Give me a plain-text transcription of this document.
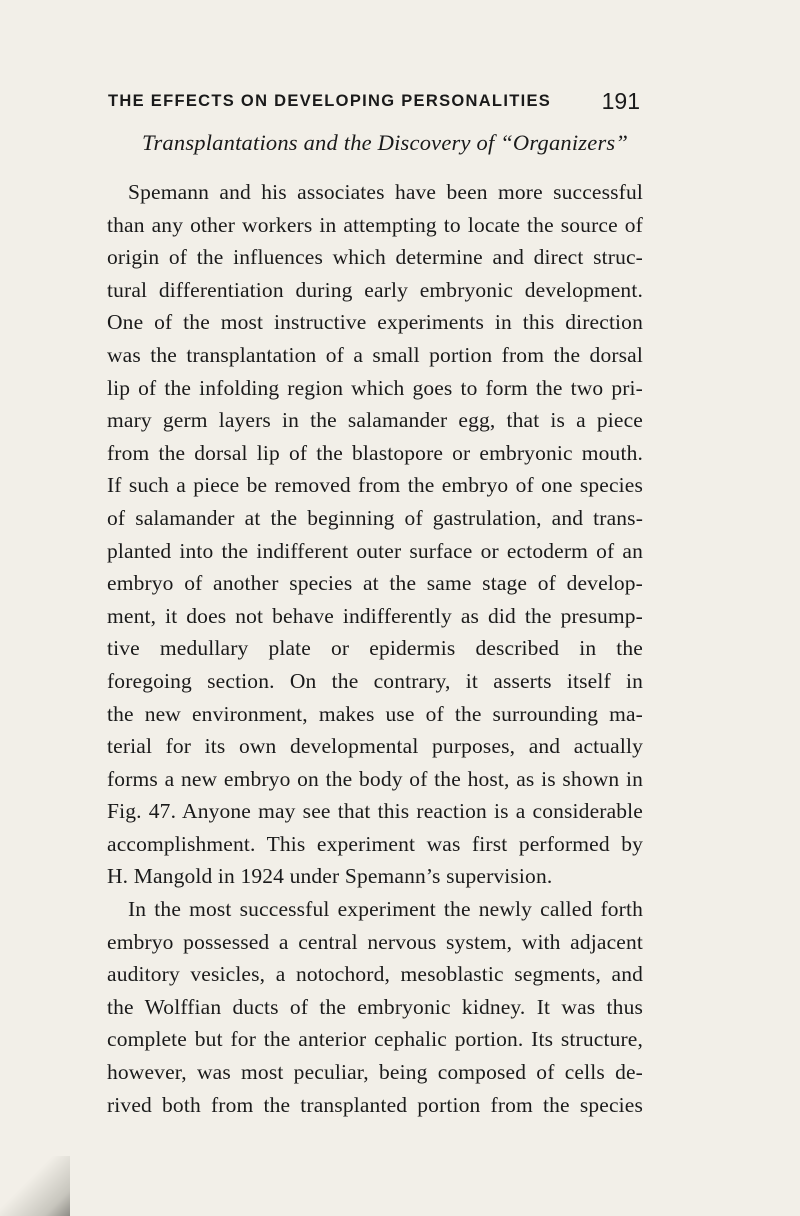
THE EFFECTS ON DEVELOPING PERSONALITIES 191
Transplantations and the Discovery of “Organizers”

Spemann and his associates have been more successful
than any other workers in attempting to locate the source of
origin of the influences which determine and direct struc-
tural differentiation during early embryonic development.
One of the most instructive experiments in this direction
was the transplantation of a small portion from the dorsal
lip of the infolding region which goes to form the two pri-
mary germ layers in the salamander egg, that is a piece
from the dorsal lip of the blastopore or embryonic mouth.
If such a piece be removed from the embryo of one species
of salamander at the beginning of gastrulation, and trans-
planted into the indifferent outer surface or ectoderm of an
embryo of another species at the same stage of develop-
ment, it does not behave indifferently as did the presump-
tive medullary plate or epidermis described in the
foregoing section. On the contrary, it asserts itself in
the new environment, makes use of the surrounding ma-
terial for its own developmental purposes, and actually
forms a new embryo on the body of the host, as is shown in
Fig. 47. Anyone may see that this reaction is a considerable
accomplishment. This experiment was first performed by
H. Mangold in 1924 under Spemann’s supervision.

In the most successful experiment the newly called forth
embryo possessed a central nervous system, with adjacent
auditory vesicles, a notochord, mesoblastic segments, and
the Wolffian ducts of the embryonic kidney. It was thus
complete but for the anterior cephalic portion. Its structure,
however, was most peculiar, being composed of cells de-
rived both from the transplanted portion from the species
